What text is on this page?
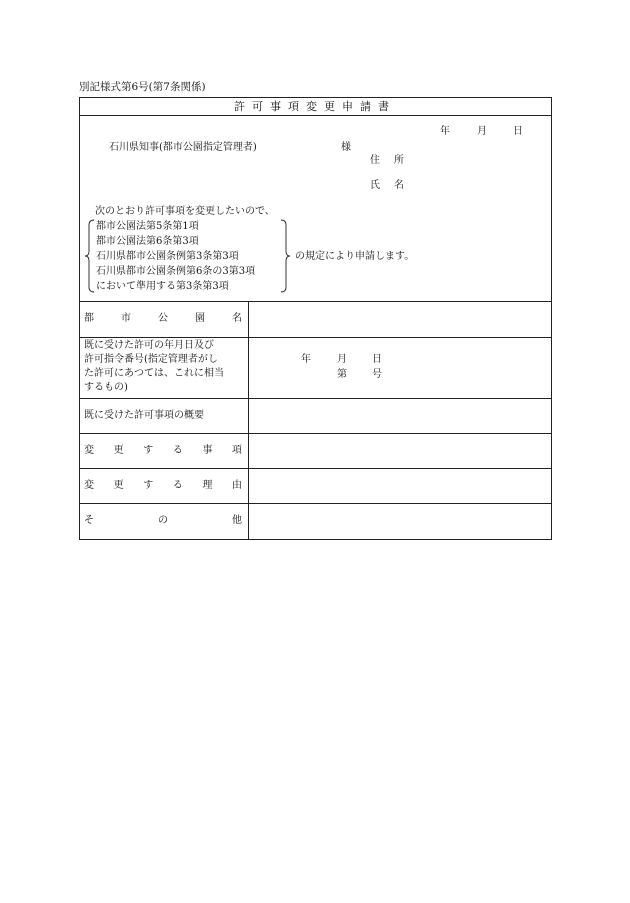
別記様式第6号(第7条関係)
許可事項変更申請書
年	月	日
石川県知事(都市公園指定管理者)	様
住所
氏名
次のとおり許可事項を変更したいので、
都市公園法第5条第1項
都市公園法第6条第3項
石川県都市公園条例第3条第3項
石川県都市公園条例第6条の3第3項
において準用する第3条第3項
の規定により申請します。
都	市	公	園	名
既に受けた許可の年月日及び
許可指令番号(指定管理者がし
た許可にあつては、これに相当
するもの)
年	月	日
第	号
既に受けた許可事項の概要
変 更 す る 事 項
変 更 す る 理 由
そ	の	他
